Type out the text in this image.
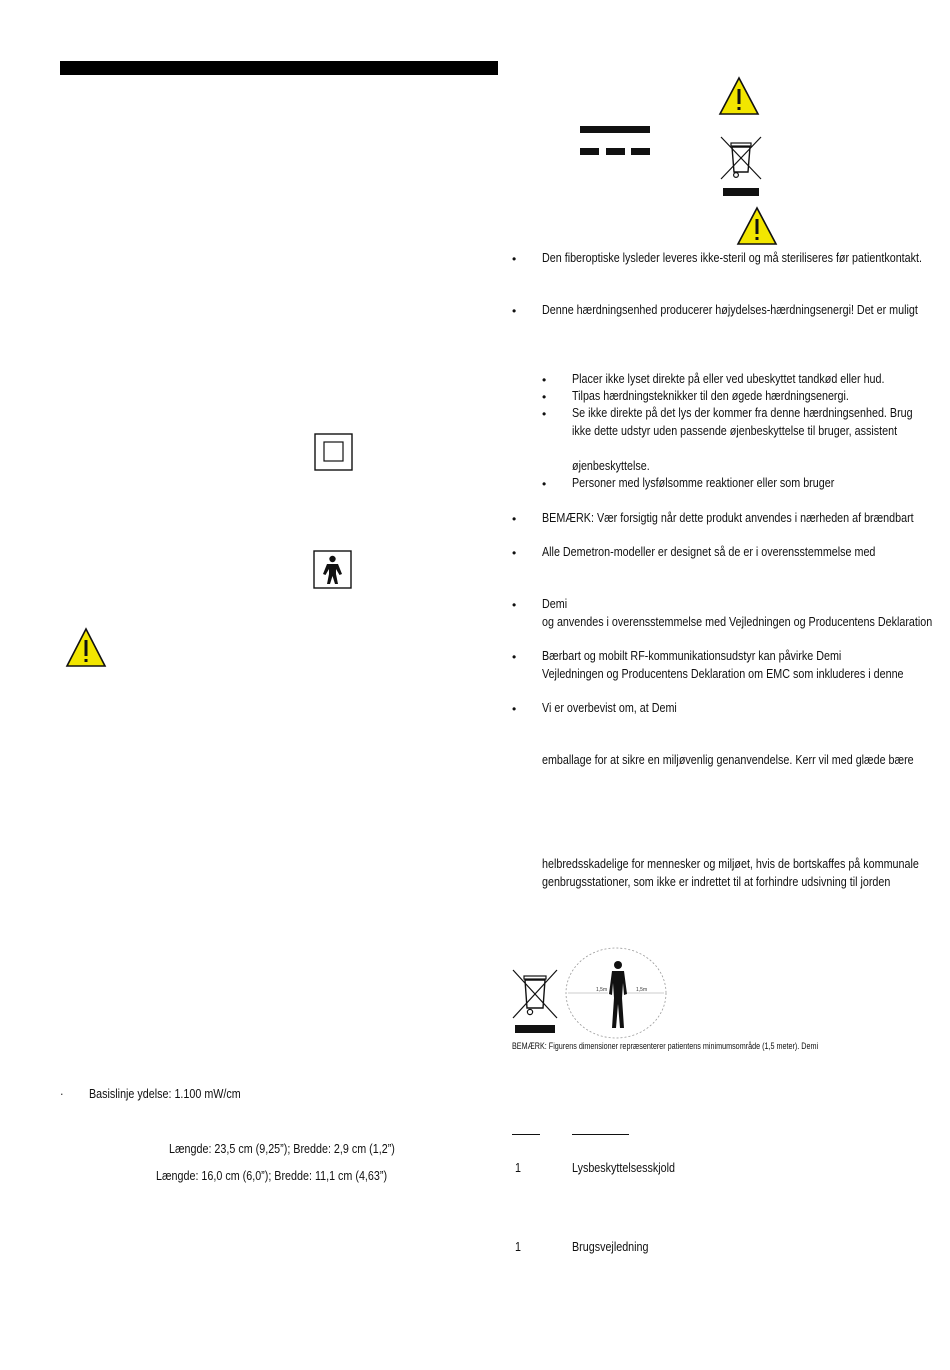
• Den fiberoptiske lysleder leveres ikke-steril og må steriliseres før patientkontakt.
• Denne hærdningsenhed producerer højydelses-hærdningsenergi! Det er muligt
• Placer ikke lyset direkte på eller ved ubeskyttet tandkød eller hud.
• Tilpas hærdningsteknikker til den øgede hærdningsenergi.
• Se ikke direkte på det lys der kommer fra denne hærdningsenhed. Brug
ikke dette udstyr uden passende øjenbeskyttelse til bruger, assistent
øjenbeskyttelse.
• Personer med lysfølsomme reaktioner eller som bruger
• BEMÆRK: Vær forsigtig når dette produkt anvendes i nærheden af brændbart
• Alle Demetron-modeller er designet så de er i overensstemmelse med
• Demi
og anvendes i overensstemmelse med Vejledningen og Producentens Deklaration
• Bærbart og mobilt RF-kommunikationsudstyr kan påvirke Demi
Vejledningen og Producentens Deklaration om EMC som inkluderes i denne
• Vi er overbevist om, at Demi
emballage for at sikre en miljøvenlig genanvendelse. Kerr vil med glæde bære
helbredsskadelige for mennesker og miljøet, hvis de bortskaffes på kommunale
genbrugsstationer, som ikke er indrettet til at forhindre udsivning til jorden
1,5m	1,5m
BEMÆRK: Figurens dimensioner repræsenterer patientens minimumsområde (1,5 meter). Demi
1	Lysbeskyttelsesskjold
1	Brugsvejledning
· Basislinje ydelse: 1.100 mW/cm
Længde: 23,5 cm (9,25”); Bredde: 2,9 cm (1,2”)
Længde: 16,0 cm (6,0”); Bredde: 11,1 cm (4,63”)
